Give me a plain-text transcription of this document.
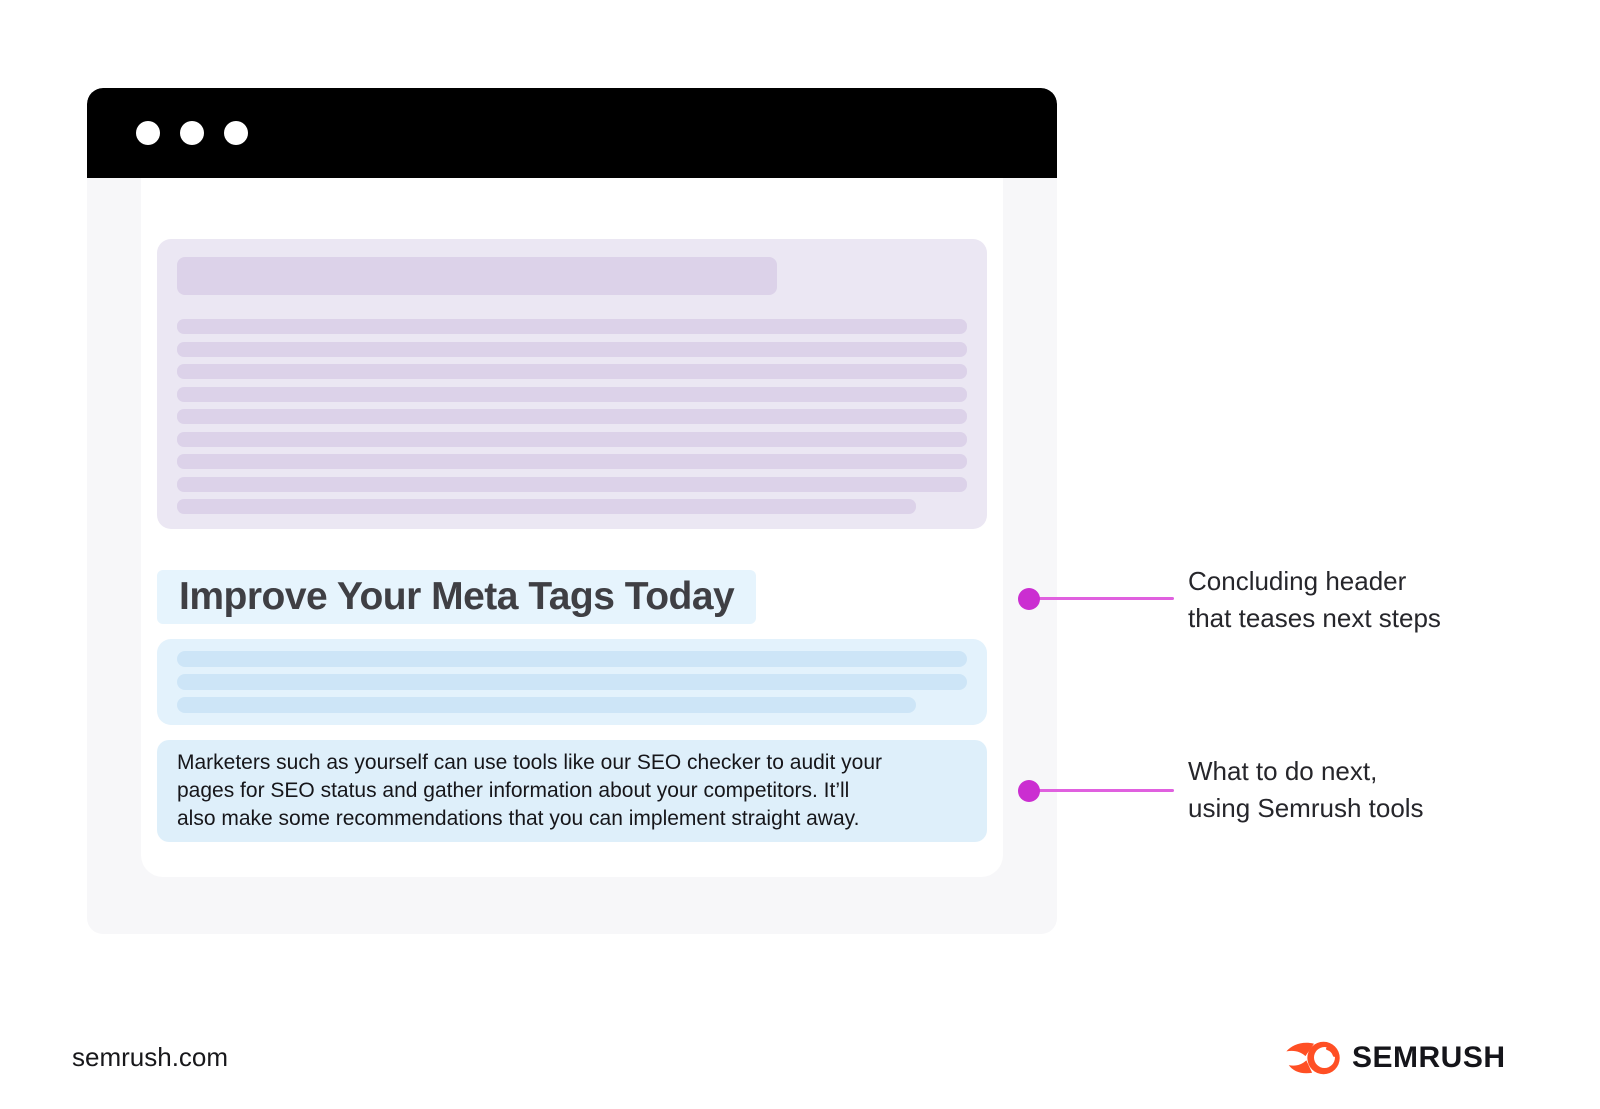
Improve Your Meta Tags Today
Marketers such as yourself can use tools like our SEO checker to audit your
pages for SEO status and gather information about your competitors. It’ll
also make some recommendations that you can implement straight away.
Concluding header
that teases next steps
What to do next,
using Semrush tools
semrush.com	SEMRUSH
